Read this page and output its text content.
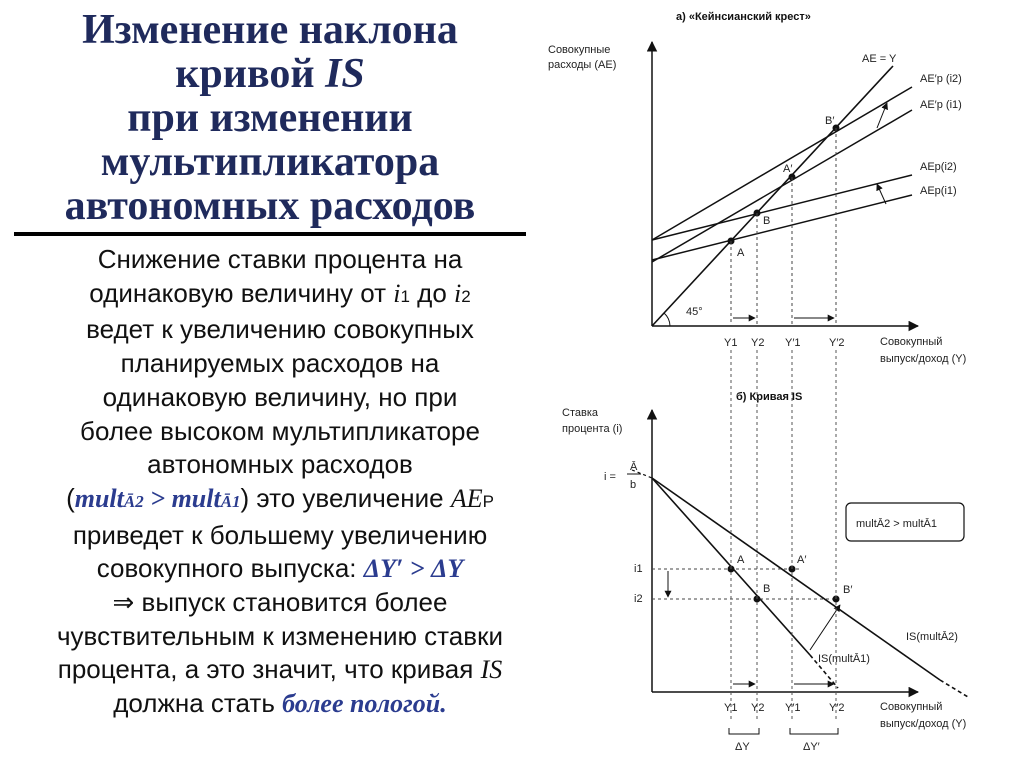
Изменение наклона
кривой IS
при изменении
мультипликатора
автономных расходов
Снижение ставки процента на
одинаковую величину от i1 до i2
ведет к увеличению совокупных
планируемых расходов на
одинаковую величину, но при
более высоком мультипликаторе
автономных расходов
(multĀ2 > multĀ1) это увеличение AEP
приведет к большему увеличению
совокупного выпуска: ΔY′ > ΔY
⇒ выпуск становится более
чувствительным к изменению ставки
процента, а это значит, что кривая IS
должна стать более пологой.
а) «Кейнсианский крест»
Совокупные
расходы (AE)
Совокупный
выпуск/доход (Y)
AE = Y
45°
AE′p (i2)
AE′p (i1)
AEp(i2)
AEp(i1)
A
B
A′
B′
Y1 Y2 Y′1	Y′2
б) Кривая IS
Ставка
процента (i)
Совокупный
выпуск/доход (Y)
i =
Ā
b
multĀ2 > multĀ1
i1
i2
A
B
A′
B′
IS(multĀ2)
IS(multĀ1)
Y1 Y2 Y′1	Y′2
ΔY	ΔY′
